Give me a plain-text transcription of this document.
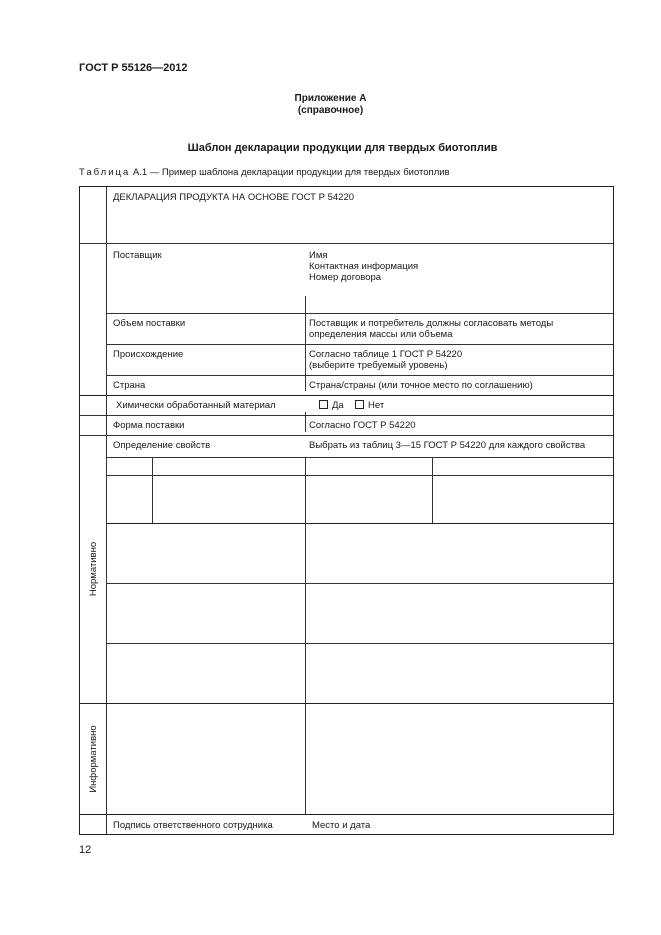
ГОСТ Р 55126—2012
Приложение А
(справочное)
Шаблон декларации продукции для твердых биотоплив
Таблица А.1 — Пример шаблона декларации продукции для твердых биотоплив
ДЕКЛАРАЦИЯ ПРОДУКТА НА ОСНОВЕ ГОСТ Р 54220
Поставщик	Имя
Контактная информация
Номер договора
Объем поставки	Поставщик и потребитель должны согласовать методы
определения массы или объема
Происхождение	Согласно таблице 1 ГОСТ Р 54220
(выберите требуемый уровень)
Страна	Страна/страны (или точное место по соглашению)
Химически обработанный материал	Да	Нет
Форма поставки	Согласно ГОСТ Р 54220
Определение свойств	Выбрать из таблиц 3—15 ГОСТ Р 54220 для каждого свойства
Нормативно
Информативно
Подпись ответственного сотрудника	Место и дата
12
